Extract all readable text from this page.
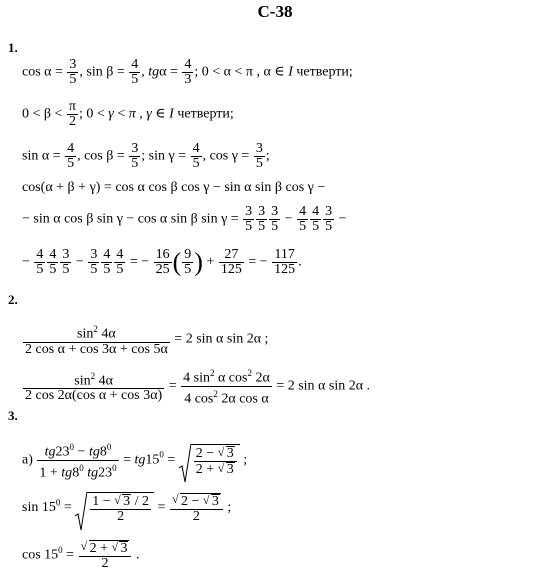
С-38
1.
$\cos \alpha = \frac{3}{5}$ , $\sin \beta = \frac{4}{5}$ , $tg\alpha = \frac{4}{3}$ ; 0 < α < π , α ∈ I четверти;
$0 < \beta < \frac{\pi}{2}$ ; 0 < γ < π , γ ∈ I четверти;
$\sin \alpha = \frac{4}{5}$ , $\cos \beta = \frac{3}{5}$ ; $\sin \gamma = \frac{4}{5}$ , $\cos \gamma = \frac{3}{5}$ ;
cos(α + β + γ) = cos α cos β cos γ − sin α sin β cos γ −
− sin α cos β sin γ − cos α sin β $\sin \gamma = \frac{3}{5} \frac{3}{5} \frac{3}{5} - \frac{4}{5} \frac{4}{5} \frac{3}{5}$ −
− $\frac{4}{5} \frac{4}{5} \frac{3}{5} - \frac{3}{5} \frac{4}{5} \frac{4}{5}$ = − $\frac{16}{25}$ ( $\frac{9}{5}$ ) + $\frac{27}{125}$ = − $\frac{117}{125}$ .
2.
$\frac{\sin^2 4\alpha}{\text{2 cos α + cos 3α + cos 5α}} = 2$ sin α sin 2α ;
$\frac{\sin^2 4\alpha}{\text{2 cos 2α(cos α + cos 3α)}} = \frac{4 \sin^2 \alpha \cos^2 2\alpha}{4 \cos^2 2\alpha \cos \alpha} = 2$ sin α sin 2α .
3.
$а) \frac{tg23^0 - tg8^0}{1 + tg8^0 tg23^0} = tg15^0 = \frac{2 - √ 3}{2 + √ 3}$ ;
$\sin 15^0 = \frac{1 - √ 3 / 2}{2}$ = √ $\frac{2 - √ 3}{2}$ ;
$\cos 15^0$ = √ $\frac{2 + √ 3}{2}$ .
